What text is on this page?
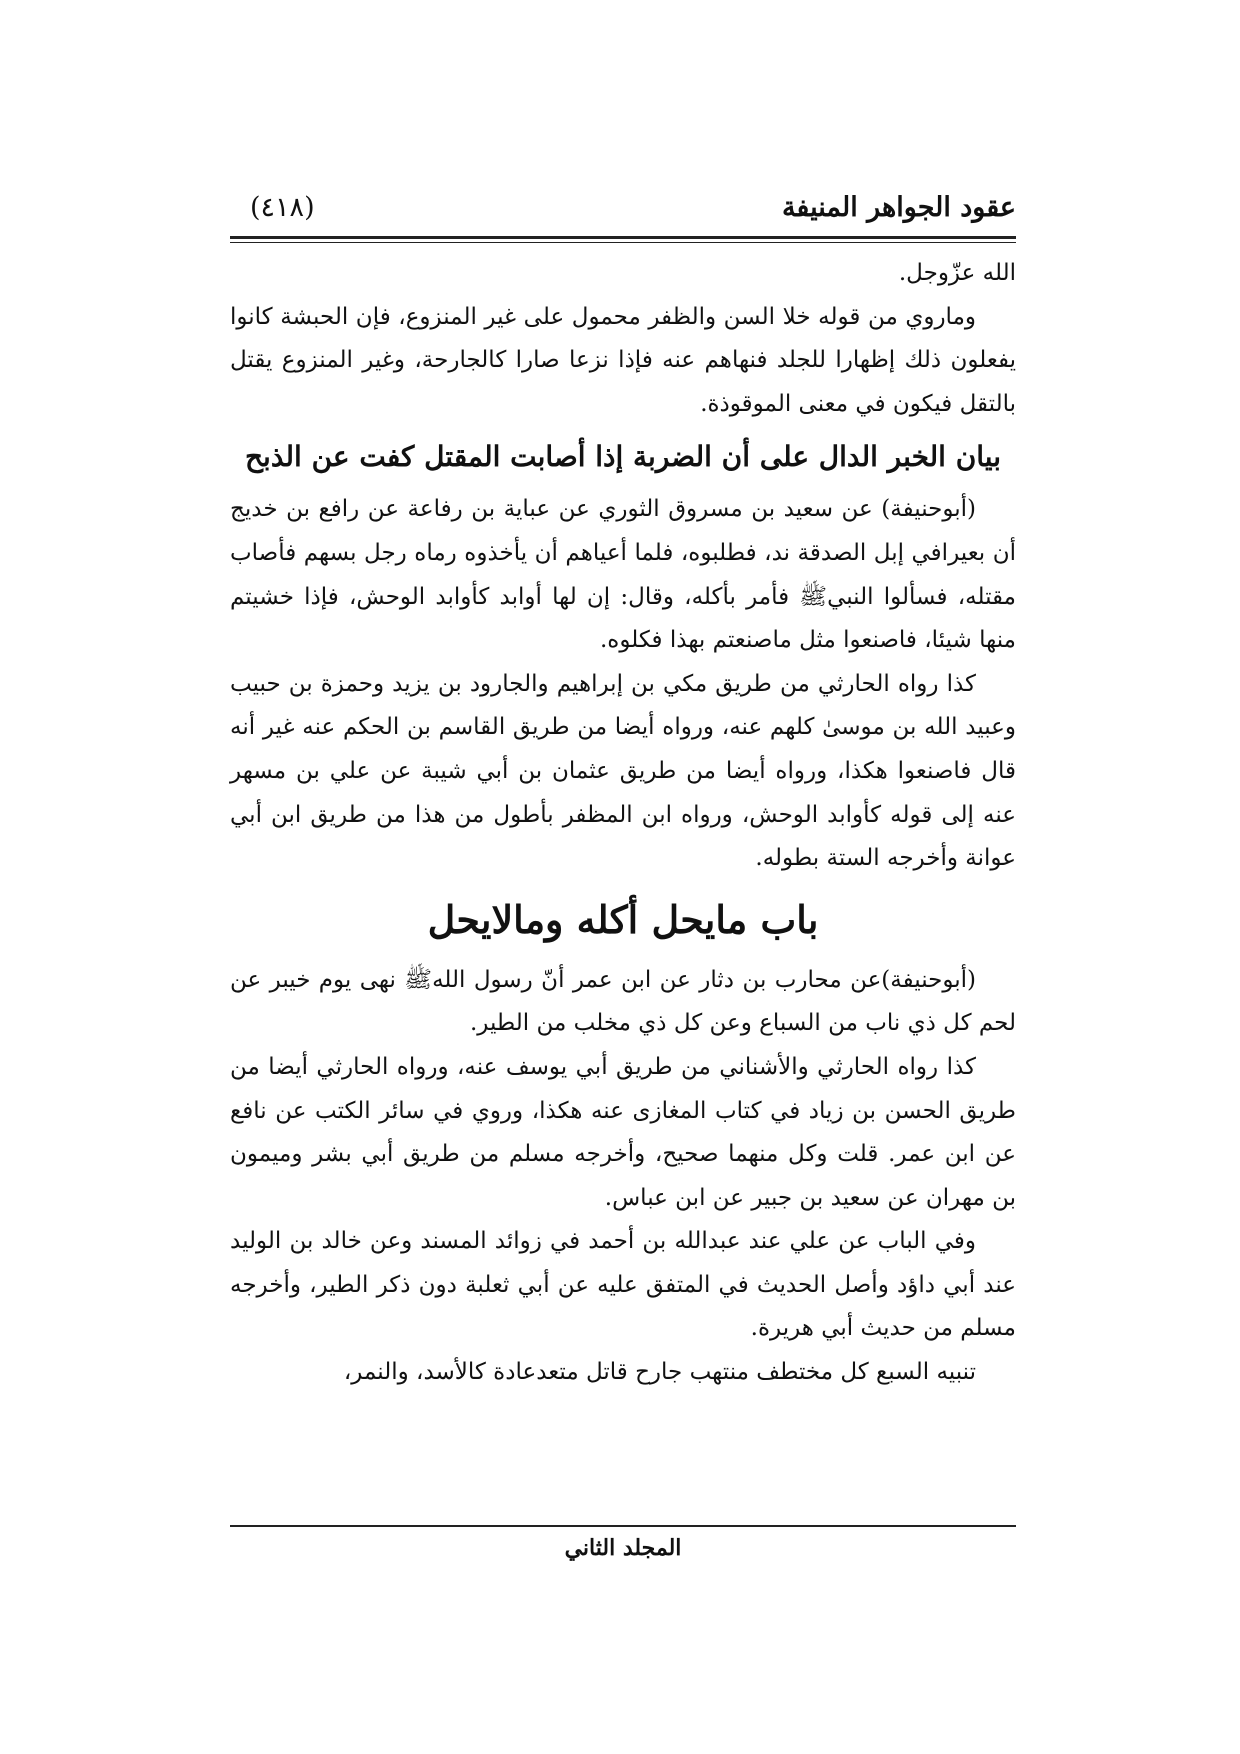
عقود الجواهر المنيفة
(٤١٨)

الله عزّوجل.

وماروي من قوله خلا السن والظفر محمول على غير المنزوع، فإن الحبشة كانوا يفعلون ذلك إظهارا للجلد فنهاهم عنه فإذا نزعا صارا كالجارحة، وغير المنزوع يقتل بالتقل فيكون في معنى الموقوذة.

بيان الخبر الدال على أن الضربة إذا أصابت المقتل كفت عن الذبح

(أبوحنيفة) عن سعيد بن مسروق الثوري عن عباية بن رفاعة عن رافع بن خديج أن بعيرافي إبل الصدقة ند، فطلبوه، فلما أعياهم أن يأخذوه رماه رجل بسهم فأصاب مقتله، فسألوا النبيﷺ فأمر بأكله، وقال: إن لها أوابد كأوابد الوحش، فإذا خشيتم منها شيئا، فاصنعوا مثل ماصنعتم بهذا فكلوه.

كذا رواه الحارثي من طريق مكي بن إبراهيم والجارود بن يزيد وحمزة بن حبيب وعبيد الله بن موسىٰ كلهم عنه، ورواه أيضا من طريق القاسم بن الحكم عنه غير أنه قال فاصنعوا هكذا، ورواه أيضا من طريق عثمان بن أبي شيبة عن علي بن مسهر عنه إلى قوله كأوابد الوحش، ورواه ابن المظفر بأطول من هذا من طريق ابن أبي عوانة وأخرجه الستة بطوله.

باب مايحل أكله ومالايحل

(أبوحنيفة)عن محارب بن دثار عن ابن عمر أنّ رسول اللهﷺ نهى يوم خيبر عن لحم كل ذي ناب من السباع وعن كل ذي مخلب من الطير.

كذا رواه الحارثي والأشناني من طريق أبي يوسف عنه، ورواه الحارثي أيضا من طريق الحسن بن زياد في كتاب المغازى عنه هكذا، وروي في سائر الكتب عن نافع عن ابن عمر. قلت وكل منهما صحيح، وأخرجه مسلم من طريق أبي بشر وميمون بن مهران عن سعيد بن جبير عن ابن عباس.

وفي الباب عن علي عند عبدالله بن أحمد في زوائد المسند وعن خالد بن الوليد عند أبي داؤد وأصل الحديث في المتفق عليه عن أبي ثعلبة دون ذكر الطير، وأخرجه مسلم من حديث أبي هريرة.

تنبيه السبع كل مختطف منتهب جارح قاتل متعدعادة كالأسد، والنمر،

المجلد الثاني
